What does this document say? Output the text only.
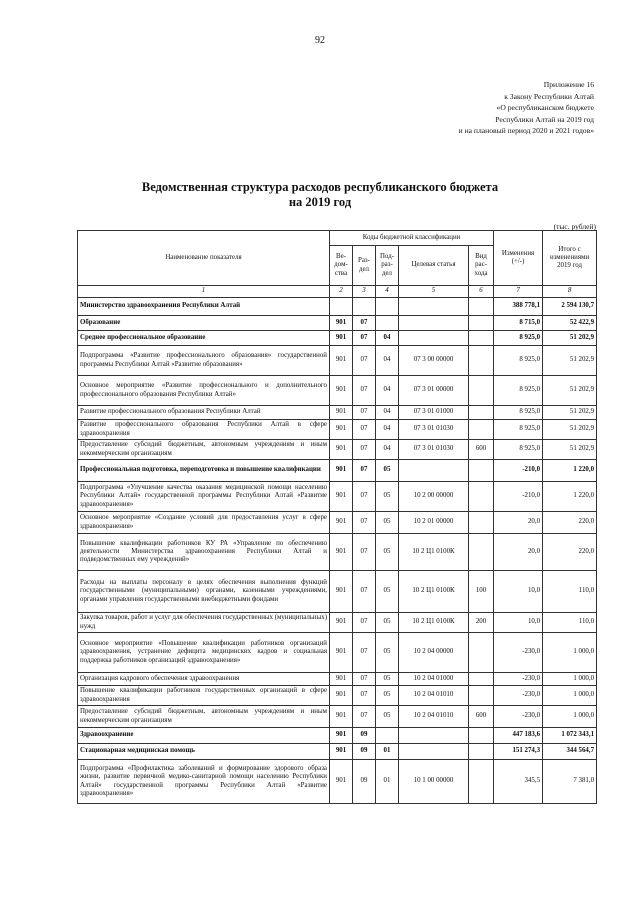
92
Приложение 16
к Закону Республики Алтай
«О республиканском бюджете
Республики Алтай на 2019 год
и на плановый период 2020 и 2021 годов»
Ведомственная структура расходов республиканского бюджета
на 2019 год
(тыс. рублей)
Наименование показателя	Коды бюджетной классификации					Изменения (+/-)	Итого с изменениями 2019 год
	Ве-дом-ства	Раз-дел	Под-раз-дел	Целевая статья	Вид рас-хода		
1	2	3	4	5	6	7	8
Министерство здравоохранения Республики Алтай						388 778,1	2 594 130,7
Образование	901	07				8 715,0	52 422,9
Среднее профессиональное образование	901	07	04			8 925,0	51 202,9
Подпрограмма «Развитие профессионального образования» государственной программы Республики Алтай «Развитие образования»	901	07	04	07 3 00 00000		8 925,0	51 202,9
Основное мероприятие «Развитие профессионального и дополнительного профессионального образования Республики Алтай»	901	07	04	07 3 01 00000		8 925,0	51 202,9
Развитие профессионального образования Республики Алтай	901	07	04	07 3 01 01000		8 925,0	51 202,9
Развитие профессионального образования Республики Алтай в сфере здравоохранения	901	07	04	07 3 01 01030		8 925,0	51 202,9
Предоставление субсидий бюджетным, автономным учреждениям и иным некоммерческим организациям	901	07	04	07 3 01 01030	600	8 925,0	51 202,9
Профессиональная подготовка, переподготовка и повышение квалификации	901	07	05			-210,0	1 220,0
Подпрограмма «Улучшение качества оказания медицинской помощи населению Республики Алтай» государственной программы Республики Алтай «Развитие здравоохранения»	901	07	05	10 2 00 00000		-210,0	1 220,0
Основное мероприятие «Создание условий для предоставления услуг в сфере здравоохранения»	901	07	05	10 2 01 00000		20,0	220,0
Повышение квалификации работников КУ РА «Управление по обеспечению деятельности Министерства здравоохранения Республики Алтай и подведомственных ему учреждений»	901	07	05	10 2 Ц1 0100К		20,0	220,0
Расходы на выплаты персоналу в целях обеспечения выполнения функций государственными (муниципальными) органами, казенными учреждениями, органами управления государственными внебюджетными фондами	901	07	05	10 2 Ц1 0100К	100	10,0	110,0
Закупка товаров, работ и услуг для обеспечения государственных (муниципальных) нужд	901	07	05	10 2 Ц1 0100К	200	10,0	110,0
Основное мероприятие «Повышение квалификации работников организаций здравоохранения, устранение дефицита медицинских кадров и социальная поддержка работников организаций здравоохранения»	901	07	05	10 2 04 00000		-230,0	1 000,0
Организация кадрового обеспечения здравоохранения	901	07	05	10 2 04 01000		-230,0	1 000,0
Повышение квалификации работников государственных организаций в сфере здравоохранения	901	07	05	10 2 04 01010		-230,0	1 000,0
Предоставление субсидий бюджетным, автономным учреждениям и иным некоммерческим организациям	901	07	05	10 2 04 01010	600	-230,0	1 000,0
Здравоохранение	901	09				447 183,6	1 072 343,1
Стационарная медицинская помощь	901	09	01			151 274,3	344 564,7
Подпрограмма «Профилактика заболеваний и формирование здорового образа жизни, развитие первичной медико-санитарной помощи населению Республики Алтай» государственной программы Республики Алтай «Развитие здравоохранения»	901	09	01	10 1 00 00000		345,5	7 381,0
